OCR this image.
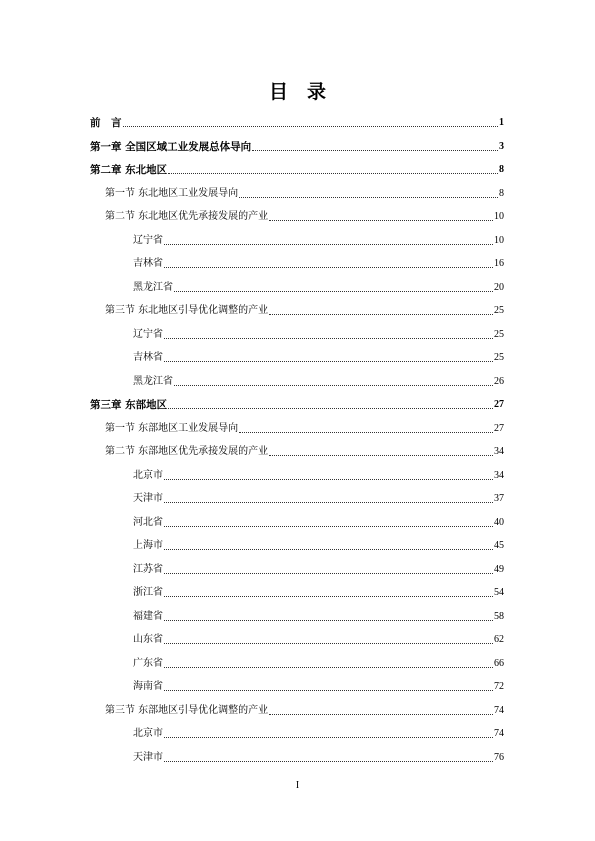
目　录
前　言	1
第一章 全国区域工业发展总体导向	3
第二章 东北地区	8
第一节 东北地区工业发展导向	8
第二节 东北地区优先承接发展的产业	10
辽宁省	10
吉林省	16
黑龙江省	20
第三节 东北地区引导优化调整的产业	25
辽宁省	25
吉林省	25
黑龙江省	26
第三章 东部地区	27
第一节 东部地区工业发展导向	27
第二节 东部地区优先承接发展的产业	34
北京市	34
天津市	37
河北省	40
上海市	45
江苏省	49
浙江省	54
福建省	58
山东省	62
广东省	66
海南省	72
第三节 东部地区引导优化调整的产业	74
北京市	74
天津市	76
I
